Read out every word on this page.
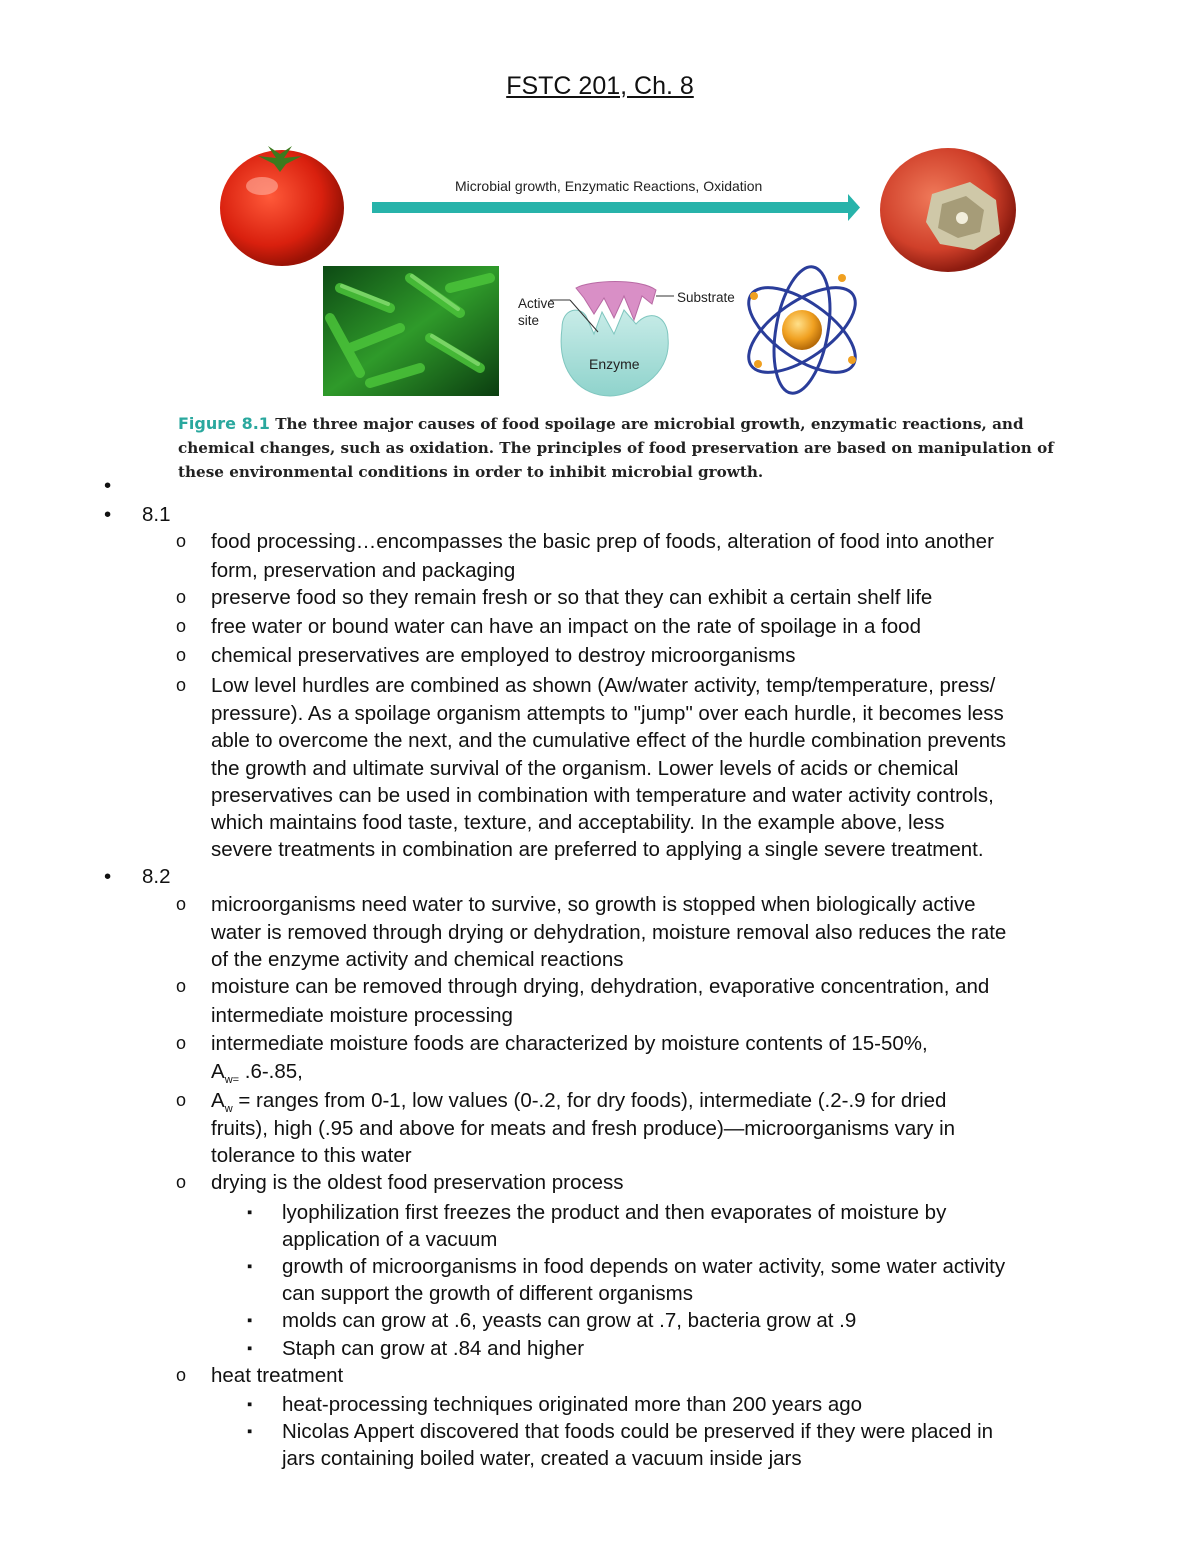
FSTC 201, Ch. 8
Microbial growth, Enzymatic Reactions, Oxidation
Active
site
Substrate
Enzyme
Figure 8.1 The three major causes of food spoilage are microbial growth, enzymatic reactions, and
chemical changes, such as oxidation. The principles of food preservation are based on manipulation of
these environmental conditions in order to inhibit microbial growth.
•
• 8.1
o food processing…encompasses the basic prep of foods, alteration of food into another
form, preservation and packaging
o preserve food so they remain fresh or so that they can exhibit a certain shelf life
o free water or bound water can have an impact on the rate of spoilage in a food
o chemical preservatives are employed to destroy microorganisms
o Low level hurdles are combined as shown (Aw/water activity, temp/temperature, press/
pressure). As a spoilage organism attempts to "jump" over each hurdle, it becomes less
able to overcome the next, and the cumulative effect of the hurdle combination prevents
the growth and ultimate survival of the organism. Lower levels of acids or chemical
preservatives can be used in combination with temperature and water activity controls,
which maintains food taste, texture, and acceptability. In the example above, less
severe treatments in combination are preferred to applying a single severe treatment.
• 8.2
o microorganisms need water to survive, so growth is stopped when biologically active
water is removed through drying or dehydration, moisture removal also reduces the rate
of the enzyme activity and chemical reactions
o moisture can be removed through drying, dehydration, evaporative concentration, and
intermediate moisture processing
o intermediate moisture foods are characterized by moisture contents of 15-50%,
$A_{w=}$ .6-.85,
o $A_w$ = ranges from 0-1, low values (0-.2, for dry foods), intermediate (.2-.9 for dried
fruits), high (.95 and above for meats and fresh produce)—microorganisms vary in
tolerance to this water
o drying is the oldest food preservation process
▪ lyophilization first freezes the product and then evaporates of moisture by
application of a vacuum
▪ growth of microorganisms in food depends on water activity, some water activity
can support the growth of different organisms
▪ molds can grow at .6, yeasts can grow at .7, bacteria grow at .9
▪ Staph can grow at .84 and higher
o heat treatment
▪ heat-processing techniques originated more than 200 years ago
▪ Nicolas Appert discovered that foods could be preserved if they were placed in
jars containing boiled water, created a vacuum inside jars
